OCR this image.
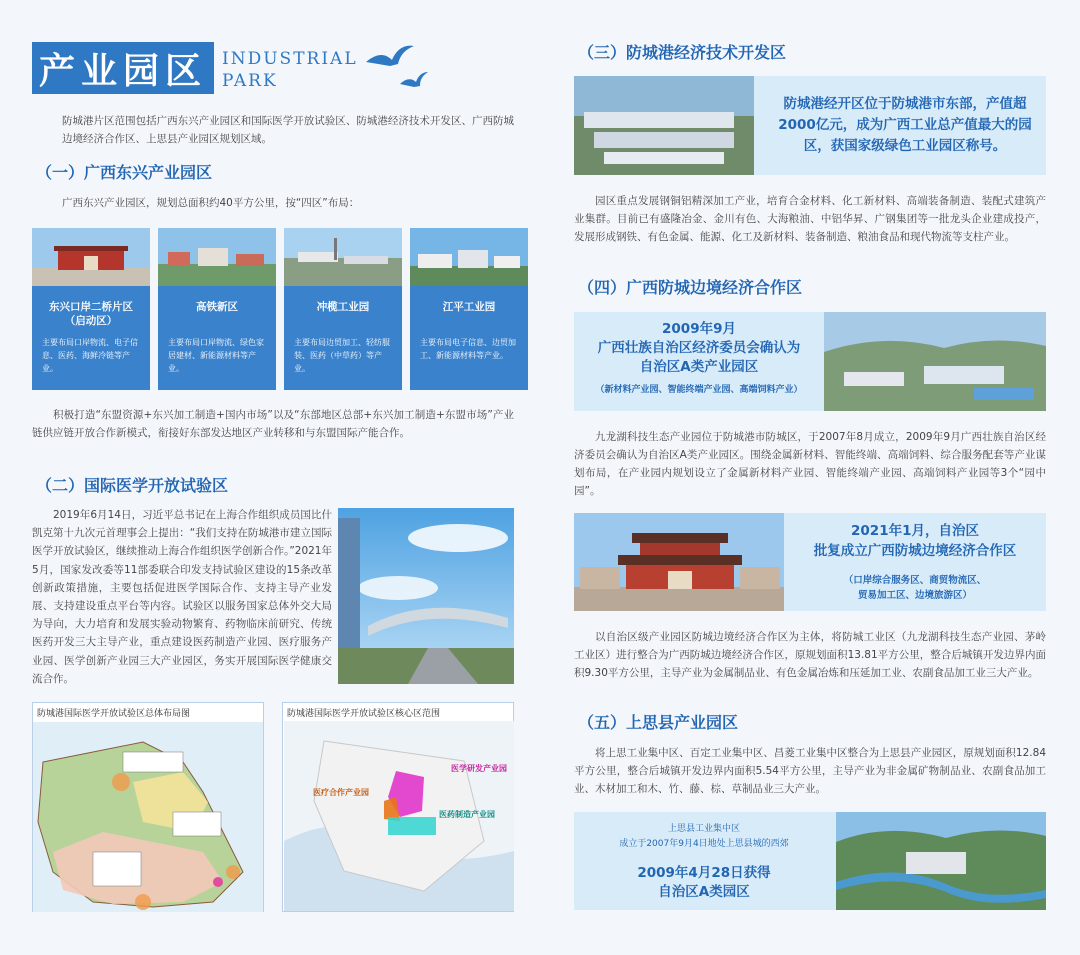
产业园区 INDUSTRIAL
PARK
防城港片区范围包括广西东兴产业园区和国际医学开放试验区、防城港经济技术开发区、广西防城边境经济合作区、上思县产业园区规划区域。
（一）广西东兴产业园区
广西东兴产业园区，规划总面积约40平方公里，按“四区”布局：
东兴口岸二桥片区
（启动区）
主要布局口岸物流、电子信息、医药、海鲜冷链等产业。
高铁新区
主要布局口岸物流、绿色家居建材、新能源材料等产业。
冲榄工业园
主要布局边贸加工、轻纺服装、医药（中草药）等产业。
江平工业园
主要布局电子信息、边贸加工、新能源材料等产业。
积极打造“东盟资源+东兴加工制造+国内市场”以及“东部地区总部+东兴加工制造+东盟市场”产业链供应链开放合作新模式，衔接好东部发达地区产业转移和与东盟国际产能合作。
（二）国际医学开放试验区
2019年6月14日，习近平总书记在上海合作组织成员国比什凯克第十九次元首理事会上提出：“我们支持在防城港市建立国际医学开放试验区，继续推动上海合作组织医学创新合作。”2021年5月，国家发改委等11部委联合印发支持试验区建设的15条改革创新政策措施，主要包括促进医学国际合作、支持主导产业发展、支持建设重点平台等内容。试验区以服务国家总体外交大局为导向，大力培育和发展实验动物繁育、药物临床前研究、传统医药开发三大主导产业，重点建设医药制造产业园、医疗服务产业园、医学创新产业园三大产业园区，务实开展国际医学健康交流合作。
防城港国际医学开放试验区总体布局图	防城港国际医学开放试验区核心区范围
医学研发产业园
医疗合作产业园
医药制造产业园
（三）防城港经济技术开发区
防城港经开区位于防城港市东部，产值超2000亿元，成为广西工业总产值最大的园区，获国家级绿色工业园区称号。
园区重点发展钢铜铝精深加工产业，培育合金材料、化工新材料、高端装备制造、装配式建筑产业集群。目前已有盛隆冶金、金川有色、大海粮油、中铝华昇、广钢集团等一批龙头企业建成投产，发展形成钢铁、有色金属、能源、化工及新材料、装备制造、粮油食品和现代物流等支柱产业。
（四）广西防城边境经济合作区
2009年9月
广西壮族自治区经济委员会确认为
自治区A类产业园区
（新材料产业园、智能终端产业园、高端饲料产业）
九龙湖科技生态产业园位于防城港市防城区，于2007年8月成立，2009年9月广西壮族自治区经济委员会确认为自治区A类产业园区。围绕金属新材料、智能终端、高端饲料、综合服务配套等产业谋划布局，在产业园内规划设立了金属新材料产业园、智能终端产业园、高端饲料产业园等3个“园中园”。
2021年1月，自治区
批复成立广西防城边境经济合作区
（口岸综合服务区、商贸物流区、
贸易加工区、边境旅游区）
以自治区级产业园区防城边境经济合作区为主体，将防城工业区（九龙湖科技生态产业园、茅岭工业区）进行整合为广西防城边境经济合作区，原规划面积13.81平方公里，整合后城镇开发边界内面积9.30平方公里，主导产业为金属制品业、有色金属冶炼和压延加工业、农副食品加工业三大产业。
（五）上思县产业园区
将上思工业集中区、百定工业集中区、昌菱工业集中区整合为上思县产业园区，原规划面积12.84平方公里，整合后城镇开发边界内面积5.54平方公里，主导产业为非金属矿物制品业、农副食品加工业、木材加工和木、竹、藤、棕、草制品业三大产业。
上思县工业集中区
成立于2007年9月4日地处上思县城的西郊
2009年4月28日获得
自治区A类园区
